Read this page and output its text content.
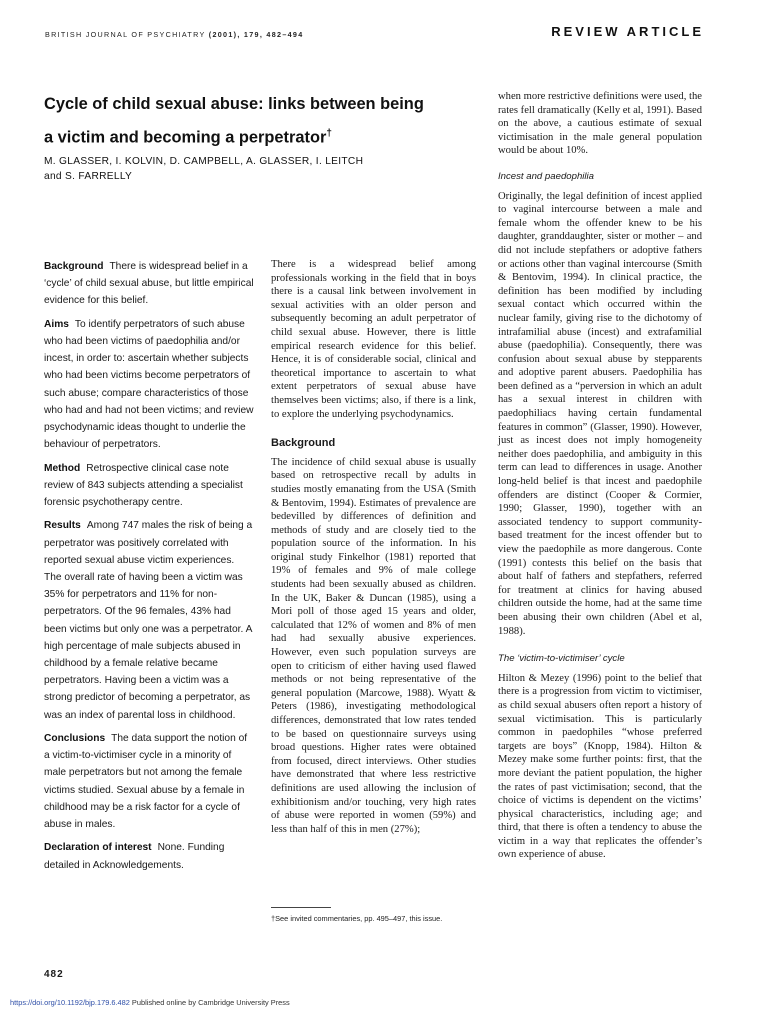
BRITISH JOURNAL OF PSYCHIATRY (2001), 179, 482–494	REVIEW ARTICLE
Cycle of child sexual abuse: links between being
a victim and becoming a perpetrator†
M. GLASSER, I. KOLVIN, D. CAMPBELL, A. GLASSER, I. LEITCH
and S. FARRELLY

Background There is widespread belief in a ‘cycle’ of child sexual abuse, but little empirical evidence for this belief.

Aims To identify perpetrators of such abuse who had been victims of paedophilia and/or incest, in order to: ascertain whether subjects who had been victims become perpetrators of such abuse; compare characteristics of those who had and had not been victims; and review psychodynamic ideas thought to underlie the behaviour of perpetrators.

Method Retrospective clinical case note review of 843 subjects attending a specialist forensic psychotherapy centre.

Results Among 747 males the risk of being a perpetrator was positively correlated with reported sexual abuse victim experiences. The overall rate of having been a victim was 35% for perpetrators and 11% for non-perpetrators. Of the 96 females, 43% had been victims but only one was a perpetrator. A high percentage of male subjects abused in childhood by a female relative became perpetrators. Having been a victim was a strong predictor of becoming a perpetrator, as was an index of parental loss in childhood.

Conclusions The data support the notion of a victim-to-victimiser cycle in a minority of male perpetrators but not among the female victims studied. Sexual abuse by a female in childhood may be a risk factor for a cycle of abuse in males.

Declaration of interest None. Funding detailed in Acknowledgements.

There is a widespread belief among professionals working in the field that in boys there is a causal link between involvement in sexual activities with an older person and subsequently becoming an adult perpetrator of child sexual abuse. However, there is little empirical research evidence for this belief. Hence, it is of considerable social, clinical and theoretical importance to ascertain to what extent perpetrators of sexual abuse have themselves been victims; also, if there is a link, to explore the underlying psychodynamics.

Background

The incidence of child sexual abuse is usually based on retrospective recall by adults in studies mostly emanating from the USA (Smith & Bentovim, 1994). Estimates of prevalence are bedevilled by differences of definition and methods of study and are closely tied to the population source of the information. In his original study Finkelhor (1981) reported that 19% of females and 9% of male college students had been sexually abused as children. In the UK, Baker & Duncan (1985), using a Mori poll of those aged 15 years and older, calculated that 12% of women and 8% of men had had sexually abusive experiences. However, even such population surveys are open to criticism of either having used flawed methods or not being representative of the general population (Marcowe, 1988). Wyatt & Peters (1986), investigating methodological differences, demonstrated that low rates tended to be based on questionnaire surveys using broad questions. Higher rates were obtained from focused, direct interviews. Other studies have demonstrated that where less restrictive definitions are used allowing the inclusion of exhibitionism and/or touching, very high rates of abuse were reported in women (59%) and less than half of this in men (27%);

when more restrictive definitions were used, the rates fell dramatically (Kelly et al, 1991). Based on the above, a cautious estimate of sexual victimisation in the male general population would be about 10%.

Incest and paedophilia

Originally, the legal definition of incest applied to vaginal intercourse between a male and female whom the offender knew to be his daughter, granddaughter, sister or mother – and did not include stepfathers or adoptive fathers or actions other than vaginal intercourse (Smith & Bentovim, 1994). In clinical practice, the definition has been modified by including sexual contact which occurred within the nuclear family, giving rise to the dichotomy of intrafamilial abuse (incest) and extrafamilial abuse (paedophilia). Consequently, there was confusion about sexual abuse by stepparents and adoptive parent abusers. Paedophilia has been defined as a “perversion in which an adult has a sexual interest in children with paedophiliacs having certain fundamental features in common” (Glasser, 1990). However, just as incest does not imply homogeneity neither does paedophilia, and ambiguity in this term can lead to differences in usage. Another long-held belief is that incest and paedophile offenders are distinct (Cooper & Cormier, 1990; Glasser, 1990), together with an associated tendency to support community-based treatment for the incest offender but to view the paedophile as more dangerous. Conte (1991) contests this belief on the basis that about half of fathers and stepfathers, referred for treatment at clinics for having abused children outside the home, had at the same time been abusing their own children (Abel et al, 1988).

The ‘victim-to-victimiser’ cycle

Hilton & Mezey (1996) point to the belief that there is a progression from victim to victimiser, as child sexual abusers often report a history of sexual victimisation. This is particularly common in paedophiles “whose preferred targets are boys” (Knopp, 1984). Hilton & Mezey make some further points: first, that the more deviant the patient population, the higher the rates of past victimisation; second, that the choice of victims is dependent on the victims’ physical characteristics, including age; and third, that there is often a tendency to abuse the victim in a way that replicates the offender’s own experience of abuse.

†See invited commentaries, pp. 495–497, this issue.
482
https://doi.org/10.1192/bjp.179.6.482 Published online by Cambridge University Press
